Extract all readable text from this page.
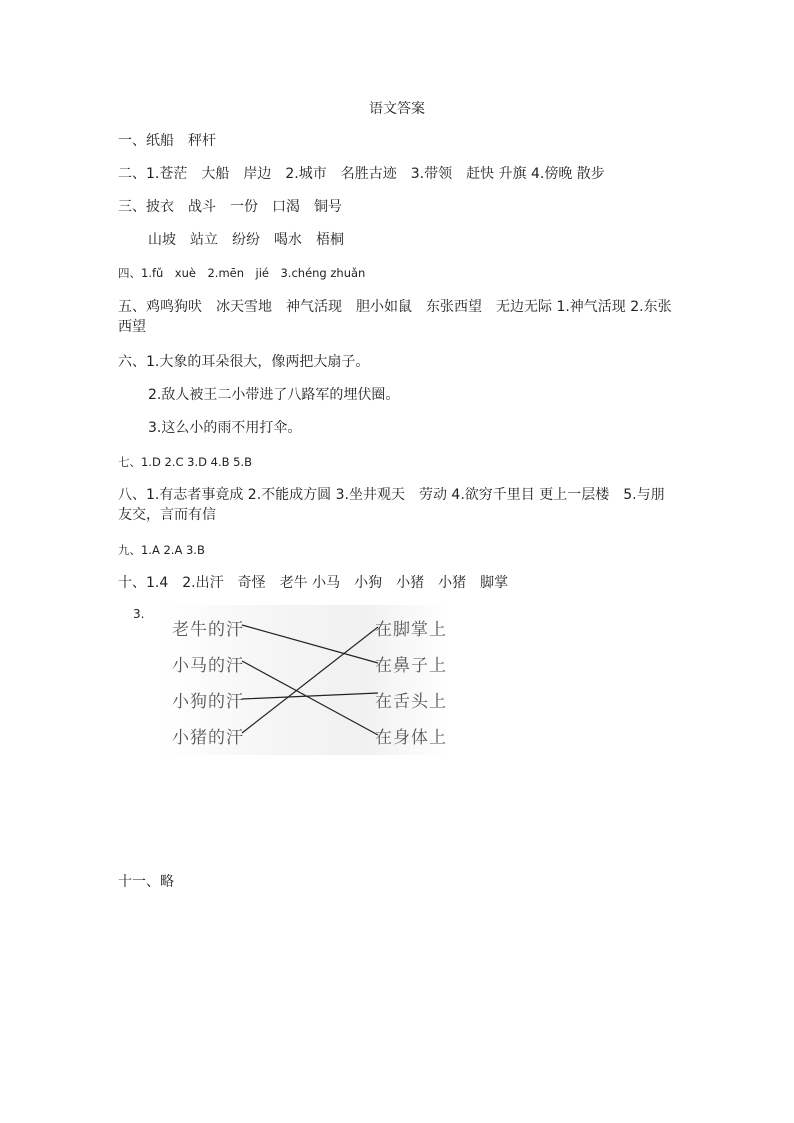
语文答案
一、纸船　秤杆
二、1.苍茫　大船　岸边　2.城市　名胜古迹　3.带领　赶快 升旗 4.傍晚 散步
三、披衣　战斗　一份　口渴　铜号
山坡　站立　纷纷　喝水　梧桐
四、1.fǔ　xuè　2.mēn　jié　3.chéng zhuǎn
五、鸡鸣狗吠　冰天雪地　神气活现　胆小如鼠　东张西望　无边无际 1.神气活现 2.东张西望
六、1.大象的耳朵很大，像两把大扇子。
2.敌人被王二小带进了八路军的埋伏圈。
3.这么小的雨不用打伞。
七、1.D 2.C 3.D 4.B 5.B
八、1.有志者事竟成 2.不能成方圆 3.坐井观天　劳动 4.欲穷千里目 更上一层楼　5.与朋友交，言而有信
九、1.A 2.A 3.B
十、1.4　2.出汗　奇怪　老牛 小马　小狗　小猪　小猪　脚掌
3.
老牛的汗
小马的汗
小狗的汗
小猪的汗
在脚掌上
在鼻子上
在舌头上
在身体上
十一、略
